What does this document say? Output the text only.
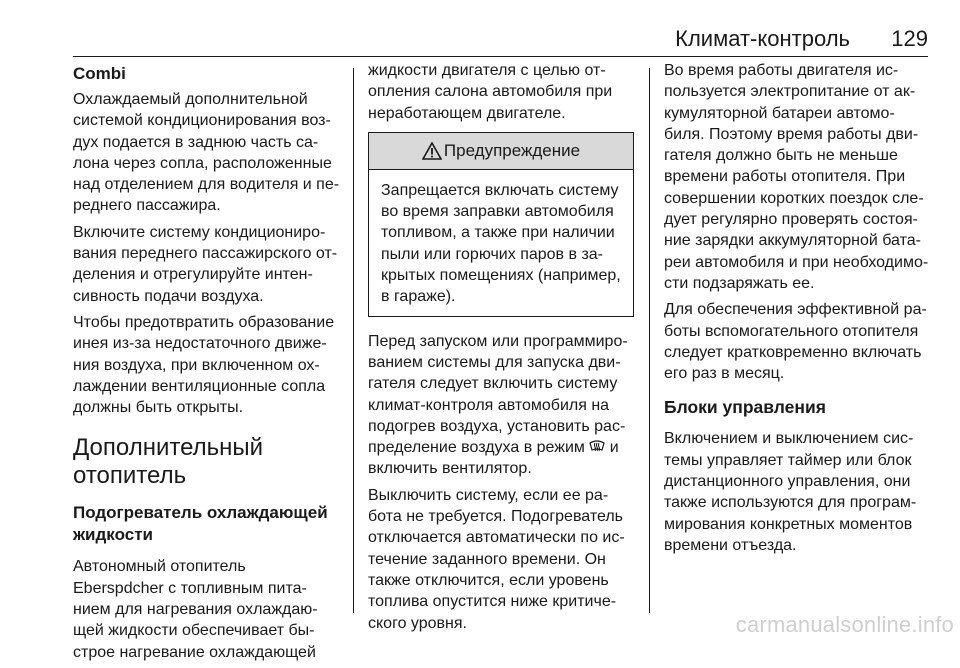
Климат-контроль 129
Combi

Охлаждаемый дополнительной
системой кондиционирования воз-
дух подается в заднюю часть са-
лона через сопла, расположенные
над отделением для водителя и пе-
реднего пассажира.

Включите систему кондициониро-
вания переднего пассажирского от-
деления и отрегулируйте интен-
сивность подачи воздуха.

Чтобы предотвратить образование
инея из-за недостаточного движе-
ния воздуха, при включенном ох-
лаждении вентиляционные сопла
должны быть открыты.

Дополнительный
отопитель
Подогреватель охлаждающей
жидкости

Автономный отопитель
Eberspdcher с топливным пита-
нием для нагревания охлаждаю-
щей жидкости обеспечивает бы-
строе нагревание охлаждающей

жидкости двигателя с целью от-
опления салона автомобиля при
неработающем двигателе.

Предупреждение
Запрещается включать систему
во время заправки автомобиля
топливом, а также при наличии
пыли или горючих паров в за-
крытых помещениях (например,
в гараже).

Перед запуском или программиро-
ванием системы для запуска дви-
гателя следует включить систему
климат-контроля автомобиля на
подогрев воздуха, установить рас-
пределение воздуха в режим  и
включить вентилятор.

Выключить систему, если ее ра-
бота не требуется. Подогреватель
отключается автоматически по ис-
течение заданного времени. Он
также отключится, если уровень
топлива опустится ниже критиче-
ского уровня.

Во время работы двигателя ис-
пользуется электропитание от ак-
кумуляторной батареи автомо-
биля. Поэтому время работы дви-
гателя должно быть не меньше
времени работы отопителя. При
совершении коротких поездок сле-
дует регулярно проверять состоя-
ние зарядки аккумуляторной бата-
реи автомобиля и при необходимо-
сти подзаряжать ее.

Для обеспечения эффективной ра-
боты вспомогательного отопителя
следует кратковременно включать
его раз в месяц.

Блоки управления

Включением и выключением сис-
темы управляет таймер или блок
дистанционного управления, они
также используются для програм-
мирования конкретных моментов
времени отъезда.

carmanualsonline.info
